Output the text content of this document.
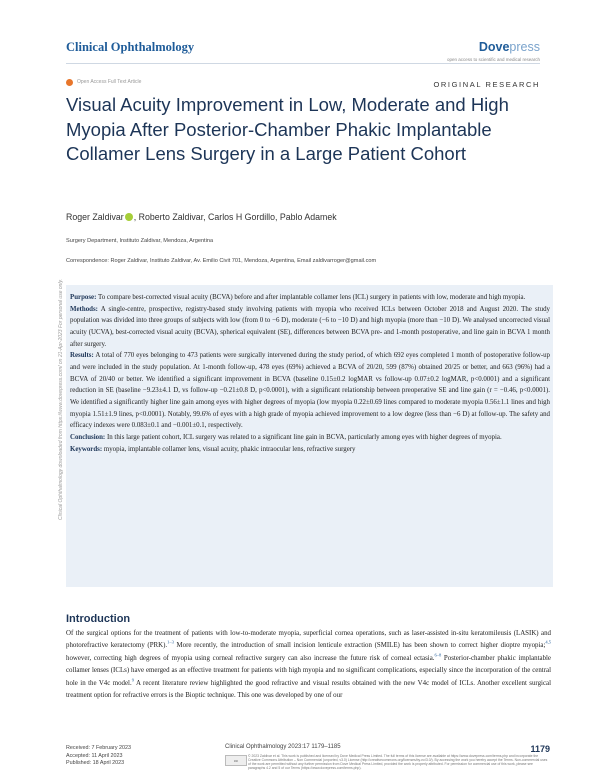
Clinical Ophthalmology	Dovepress
open access to scientific and medical research
Open Access Full Text Article	ORIGINAL RESEARCH
Visual Acuity Improvement in Low, Moderate and High Myopia After Posterior-Chamber Phakic Implantable Collamer Lens Surgery in a Large Patient Cohort
Roger Zaldivar , Roberto Zaldivar, Carlos H Gordillo, Pablo Adamek
Surgery Department, Instituto Zaldivar, Mendoza, Argentina
Correspondence: Roger Zaldivar, Instituto Zaldivar, Av. Emilio Civit 701, Mendoza, Argentina, Email zaldivarroger@gmail.com

Purpose: To compare best-corrected visual acuity (BCVA) before and after implantable collamer lens (ICL) surgery in patients with low, moderate and high myopia.

Methods: A single-centre, prospective, registry-based study involving patients with myopia who received ICLs between October 2018 and August 2020. The study population was divided into three groups of subjects with low (from 0 to −6 D), moderate (−6 to −10 D) and high myopia (more than −10 D). We analysed uncorrected visual acuity (UCVA), best-corrected visual acuity (BCVA), spherical equivalent (SE), differences between BCVA pre- and 1-month postoperative, and line gain in BCVA 1 month after surgery.

Results: A total of 770 eyes belonging to 473 patients were surgically intervened during the study period, of which 692 eyes completed 1 month of postoperative follow-up and were included in the study population. At 1-month follow-up, 478 eyes (69%) achieved a BCVA of 20/20, 599 (87%) obtained 20/25 or better, and 663 (96%) had a BCVA of 20/40 or better. We identified a significant improvement in BCVA (baseline 0.15±0.2 logMAR vs follow-up 0.07±0.2 logMAR, p<0.0001) and a significant reduction in SE (baseline −9.23±4.1 D, vs follow-up −0.21±0.8 D, p<0.0001), with a significant relationship between preoperative SE and line gain (r = −0.46, p<0.0001). We identified a significantly higher line gain among eyes with higher degrees of myopia (low myopia 0.22±0.69 lines compared to moderate myopia 0.56±1.1 lines and high myopia 1.51±1.9 lines, p<0.0001). Notably, 99.6% of eyes with a high grade of myopia achieved improvement to a low degree (less than −6 D) at follow-up. The safety and efficacy indexes were 0.083±0.1 and −0.001±0.1, respectively.

Conclusion: In this large patient cohort, ICL surgery was related to a significant line gain in BCVA, particularly among eyes with higher degrees of myopia.

Keywords: myopia, implantable collamer lens, visual acuity, phakic intraocular lens, refractive surgery

Clinical Ophthalmology downloaded from https://www.dovepress.com/ on 21-Apr-2023 For personal use only.
Introduction
Of the surgical options for the treatment of patients with low-to-moderate myopia, superficial cornea operations, such as laser-assisted in-situ keratomileusis (LASIK) and photorefractive keratectomy (PRK).$^{1-3}$ More recently, the introduction of small incision lenticule extraction (SMILE) has been shown to correct higher dioptre myopia;$^{4,5}$ however, correcting high degrees of myopia using corneal refractive surgery can also increase the future risk of corneal ectasia.$^{6-8}$ Posterior-chamber phakic implantable collamer lenses (ICLs) have emerged as an effective treatment for patients with high myopia and no significant complications, especially since the incorporation of the central hole in the V4c model.$^9$ A recent literature review highlighted the good refractive and visual results obtained with the new V4c model of ICLs. Another excellent surgical treatment option for refractive errors is the Bioptic technique. This one was developed by one of our
Received: 7 February 2023
Accepted: 11 April 2023
Published: 18 April 2023
Clinical Ophthalmology 2023:17 1179–1185	1179
cc
© 2023 Zaldivar et al. This work is published and licensed by Dove Medical Press Limited. The full terms of this license are available at https://www.dovepress.com/terms.php and incorporate the Creative Commons Attribution – Non Commercial (unported, v3.0) License (http://creativecommons.org/licenses/by-nc/3.0/). By accessing the work you hereby accept the Terms. Non-commercial uses of the work are permitted without any further permission from Dove Medical Press Limited, provided the work is properly attributed. For permission for commercial use of this work, please see paragraphs 4.2 and 5 of our Terms (https://www.dovepress.com/terms.php).
